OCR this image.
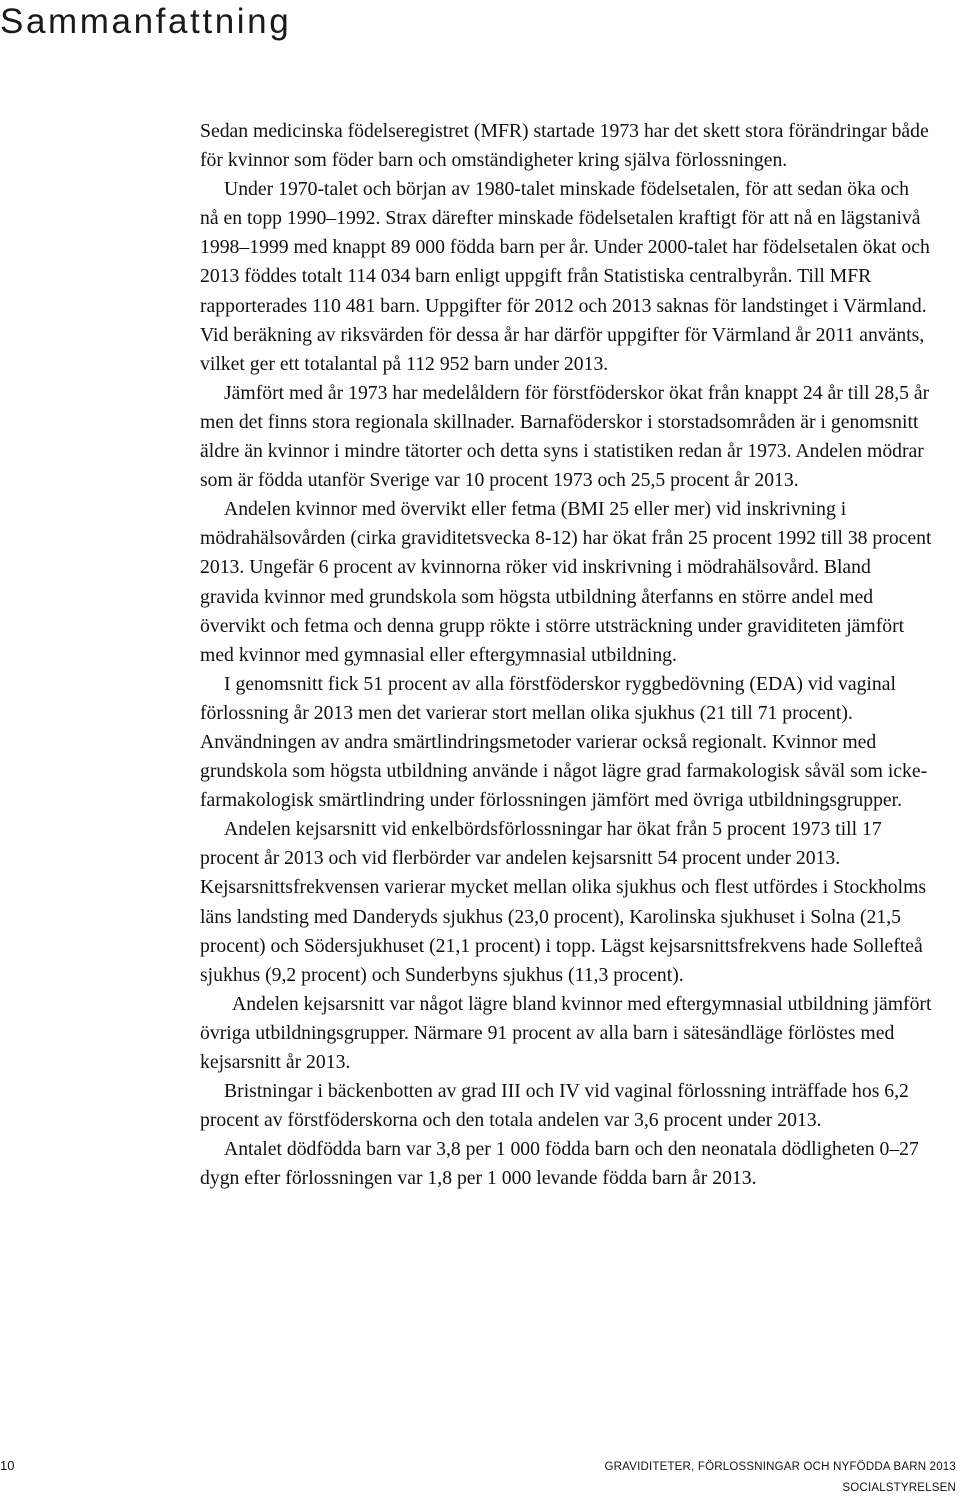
Sammanfattning

Sedan medicinska födelseregistret (MFR) startade 1973 har det skett stora förändringar både för kvinnor som föder barn och omständigheter kring själva förlossningen.

Under 1970-talet och början av 1980-talet minskade födelsetalen, för att sedan öka och nå en topp 1990–1992. Strax därefter minskade födelsetalen kraftigt för att nå en lägstanivå 1998–1999 med knappt 89 000 födda barn per år. Under 2000-talet har födelsetalen ökat och 2013 föddes totalt 114 034 barn enligt uppgift från Statistiska centralbyrån. Till MFR rapporterades 110 481 barn. Uppgifter för 2012 och 2013 saknas för landstinget i Värmland. Vid beräkning av riksvärden för dessa år har därför uppgifter för Värmland år 2011 använts, vilket ger ett totalantal på 112 952 barn under 2013.

Jämfört med år 1973 har medelåldern för förstföderskor ökat från knappt 24 år till 28,5 år men det finns stora regionala skillnader. Barnaföderskor i storstadsområden är i genomsnitt äldre än kvinnor i mindre tätorter och detta syns i statistiken redan år 1973. Andelen mödrar som är födda utanför Sverige var 10 procent 1973 och 25,5 procent år 2013.

Andelen kvinnor med övervikt eller fetma (BMI 25 eller mer) vid inskrivning i mödrahälsovården (cirka graviditetsvecka 8-12) har ökat från 25 procent 1992 till 38 procent 2013. Ungefär 6 procent av kvinnorna röker vid inskrivning i mödrahälsovård. Bland gravida kvinnor med grundskola som högsta utbildning återfanns en större andel med övervikt och fetma och denna grupp rökte i större utsträckning under graviditeten jämfört med kvinnor med gymnasial eller eftergymnasial utbildning.

I genomsnitt fick 51 procent av alla förstföderskor ryggbedövning (EDA) vid vaginal förlossning år 2013 men det varierar stort mellan olika sjukhus (21 till 71 procent). Användningen av andra smärtlindringsmetoder varierar också regionalt. Kvinnor med grundskola som högsta utbildning använde i något lägre grad farmakologisk såväl som icke-farmakologisk smärtlindring under förlossningen jämfört med övriga utbildningsgrupper.

Andelen kejsarsnitt vid enkelbördsförlossningar har ökat från 5 procent 1973 till 17 procent år 2013 och vid flerbörder var andelen kejsarsnitt 54 procent under 2013. Kejsarsnittsfrekvensen varierar mycket mellan olika sjukhus och flest utfördes i Stockholms läns landsting med Danderyds sjukhus (23,0 procent), Karolinska sjukhuset i Solna (21,5 procent) och Södersjukhuset (21,1 procent) i topp. Lägst kejsarsnittsfrekvens hade Sollefteå sjukhus (9,2 procent) och Sunderbyns sjukhus (11,3 procent).

Andelen kejsarsnitt var något lägre bland kvinnor med eftergymnasial utbildning jämfört övriga utbildningsgrupper. Närmare 91 procent av alla barn i sätesändläge förlöstes med kejsarsnitt år 2013.

Bristningar i bäckenbotten av grad III och IV vid vaginal förlossning inträffade hos 6,2 procent av förstföderskorna och den totala andelen var 3,6 procent under 2013.

Antalet dödfödda barn var 3,8 per 1 000 födda barn och den neonatala dödligheten 0–27 dygn efter förlossningen var 1,8 per 1 000 levande födda barn år 2013.

10	GRAVIDITETER, FÖRLOSSNINGAR OCH NYFÖDDA BARN 2013
SOCIALSTYRELSEN
